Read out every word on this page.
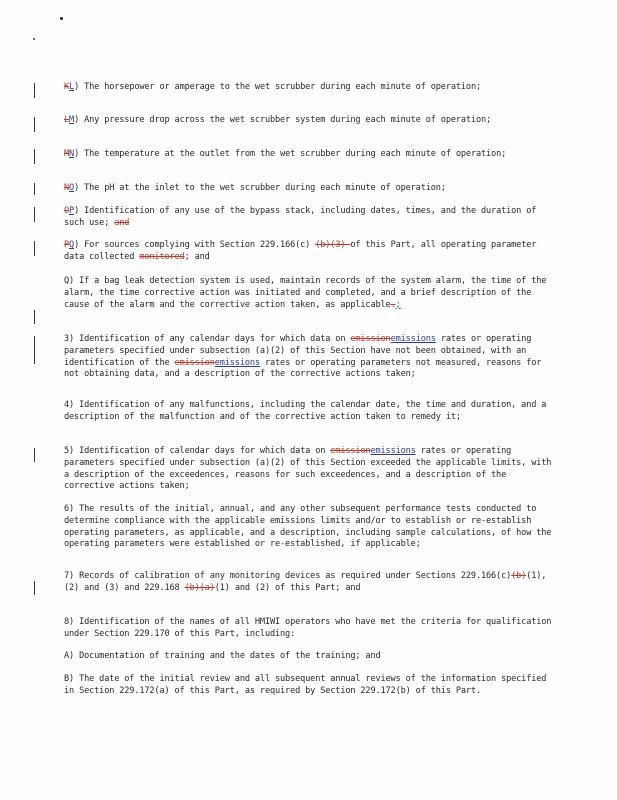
KL) The horsepower or amperage to the wet scrubber during each minute of operation;
LM) Any pressure drop across the wet scrubber system during each minute of operation;
MN) The temperature at the outlet from the wet scrubber during each minute of operation;
NO) The pH at the inlet to the wet scrubber during each minute of operation;
OP) Identification of any use of the bypass stack, including dates, times, and the duration of such use; and
PQ) For sources complying with Section 229.166(c) (b)(3) of this Part, all operating parameter data collected monitored; and
Q) If a bag leak detection system is used, maintain records of the system alarm, the time of the alarm, the time corrective action was initiated and completed, and a brief description of the cause of the alarm and the corrective action taken, as applicable.;
3) Identification of any calendar days for which data on emissionemissions rates or operating parameters specified under subsection (a)(2) of this Section have not been obtained, with an identification of the emissionemissions rates or operating parameters not measured, reasons for not obtaining data, and a description of the corrective actions taken;
4) Identification of any malfunctions, including the calendar date, the time and duration, and a description of the malfunction and of the corrective action taken to remedy it;
5) Identification of calendar days for which data on emissionemissions rates or operating parameters specified under subsection (a)(2) of this Section exceeded the applicable limits, with a description of the exceedences, reasons for such exceedences, and a description of the corrective actions taken;
6) The results of the initial, annual, and any other subsequent performance tests conducted to determine compliance with the applicable emissions limits and/or to establish or re-establish operating parameters, as applicable, and a description, including sample calculations, of how the operating parameters were established or re-established, if applicable;
7) Records of calibration of any monitoring devices as required under Sections 229.166(c)(b)(1), (2) and (3) and 229.168 (b)(a)(1) and (2) of this Part; and
8) Identification of the names of all HMIWI operators who have met the criteria for qualification under Section 229.170 of this Part, including:
A) Documentation of training and the dates of the training; and
B) The date of the initial review and all subsequent annual reviews of the information specified in Section 229.172(a) of this Part, as required by Section 229.172(b) of this Part.
